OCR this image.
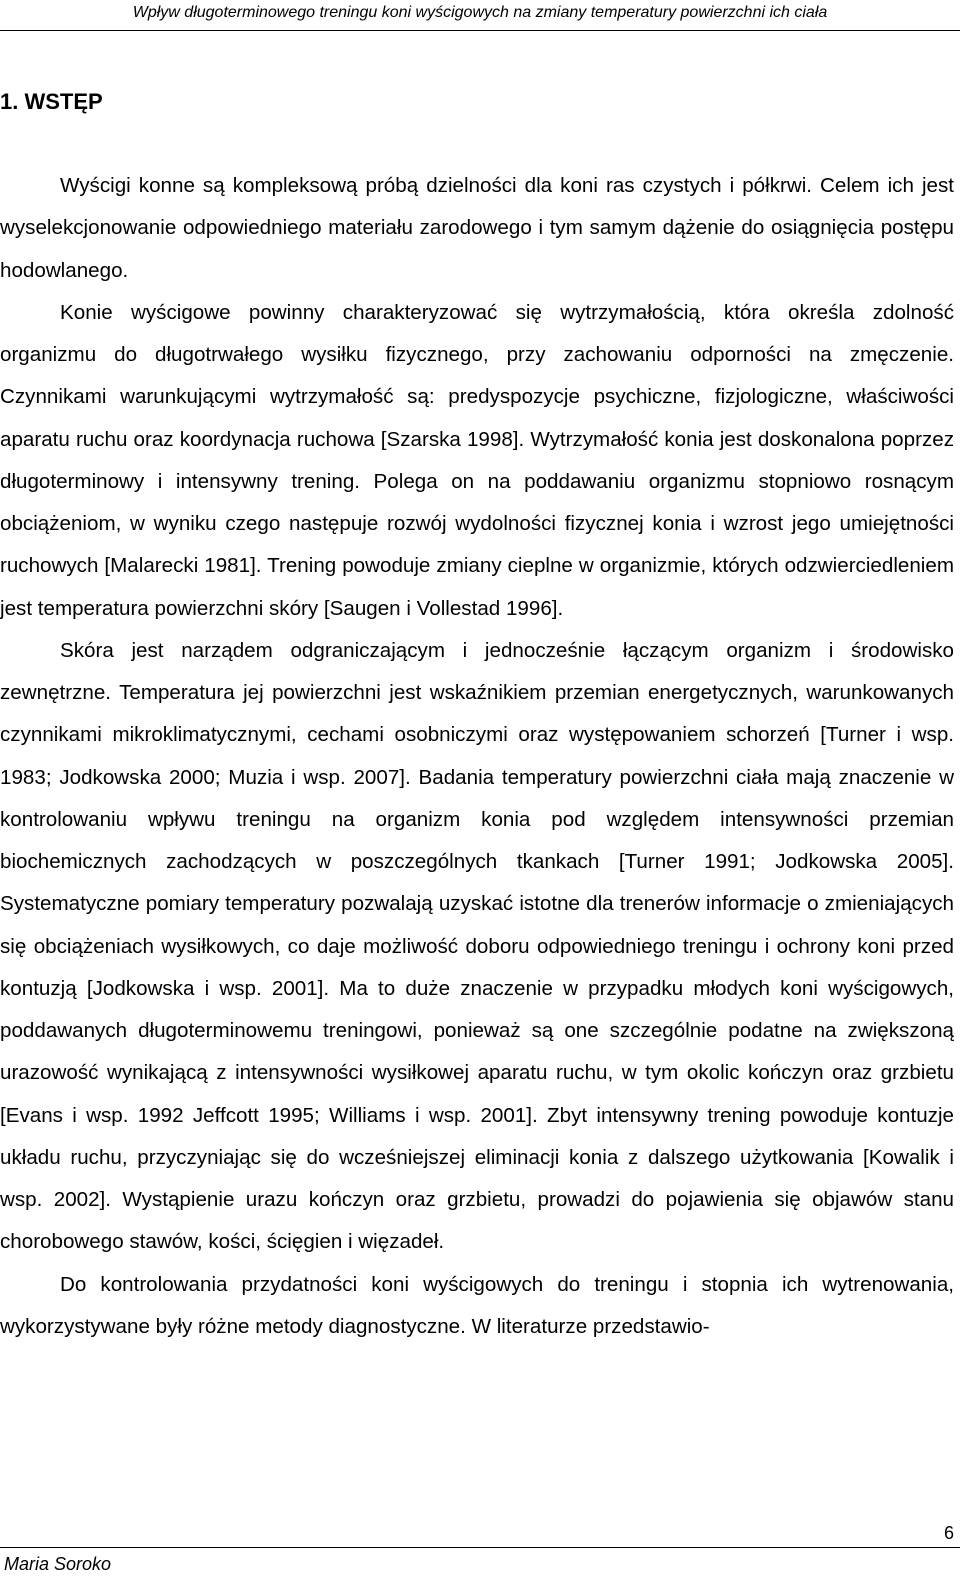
Wpływ długoterminowego treningu koni wyścigowych na zmiany temperatury powierzchni ich ciała
1. WSTĘP

Wyścigi konne są kompleksową próbą dzielności dla koni ras czystych i półkrwi. Celem ich jest wyselekcjonowanie odpowiedniego materiału zarodowego i tym samym dążenie do osiągnięcia postępu hodowlanego.

Konie wyścigowe powinny charakteryzować się wytrzymałością, która określa zdolność organizmu do długotrwałego wysiłku fizycznego, przy zachowaniu odporności na zmęczenie. Czynnikami warunkującymi wytrzymałość są: predyspozycje psychiczne, fizjologiczne, właściwości aparatu ruchu oraz koordynacja ruchowa [Szarska 1998]. Wytrzymałość konia jest doskonalona poprzez długoterminowy i intensywny trening. Polega on na poddawaniu organizmu stopniowo rosnącym obciążeniom, w wyniku czego następuje rozwój wydolności fizycznej konia i wzrost jego umiejętności ruchowych [Malarecki 1981]. Trening powoduje zmiany cieplne w organizmie, których odzwierciedleniem jest temperatura powierzchni skóry [Saugen i Vollestad 1996].

Skóra jest narządem odgraniczającym i jednocześnie łączącym organizm i środowisko zewnętrzne. Temperatura jej powierzchni jest wskaźnikiem przemian energetycznych, warunkowanych czynnikami mikroklimatycznymi, cechami osobniczymi oraz występowaniem schorzeń [Turner i wsp. 1983; Jodkowska 2000; Muzia i wsp. 2007]. Badania temperatury powierzchni ciała mają znaczenie w kontrolowaniu wpływu treningu na organizm konia pod względem intensywności przemian biochemicznych zachodzących w poszczególnych tkankach [Turner 1991; Jodkowska 2005]. Systematyczne pomiary temperatury pozwalają uzyskać istotne dla trenerów informacje o zmieniających się obciążeniach wysiłkowych, co daje możliwość doboru odpowiedniego treningu i ochrony koni przed kontuzją [Jodkowska i wsp. 2001]. Ma to duże znaczenie w przypadku młodych koni wyścigowych, poddawanych długoterminowemu treningowi, ponieważ są one szczególnie podatne na zwiększoną urazowość wynikającą z intensywności wysiłkowej aparatu ruchu, w tym okolic kończyn oraz grzbietu [Evans i wsp. 1992 Jeffcott 1995; Williams i wsp. 2001]. Zbyt intensywny trening powoduje kontuzje układu ruchu, przyczyniając się do wcześniejszej eliminacji konia z dalszego użytkowania [Kowalik i wsp. 2002]. Wystąpienie urazu kończyn oraz grzbietu, prowadzi do pojawienia się objawów stanu chorobowego stawów, kości, ścięgien i więzadeł.

Do kontrolowania przydatności koni wyścigowych do treningu i stopnia ich wytrenowania, wykorzystywane były różne metody diagnostyczne. W literaturze przedstawio-

6
Maria Soroko
